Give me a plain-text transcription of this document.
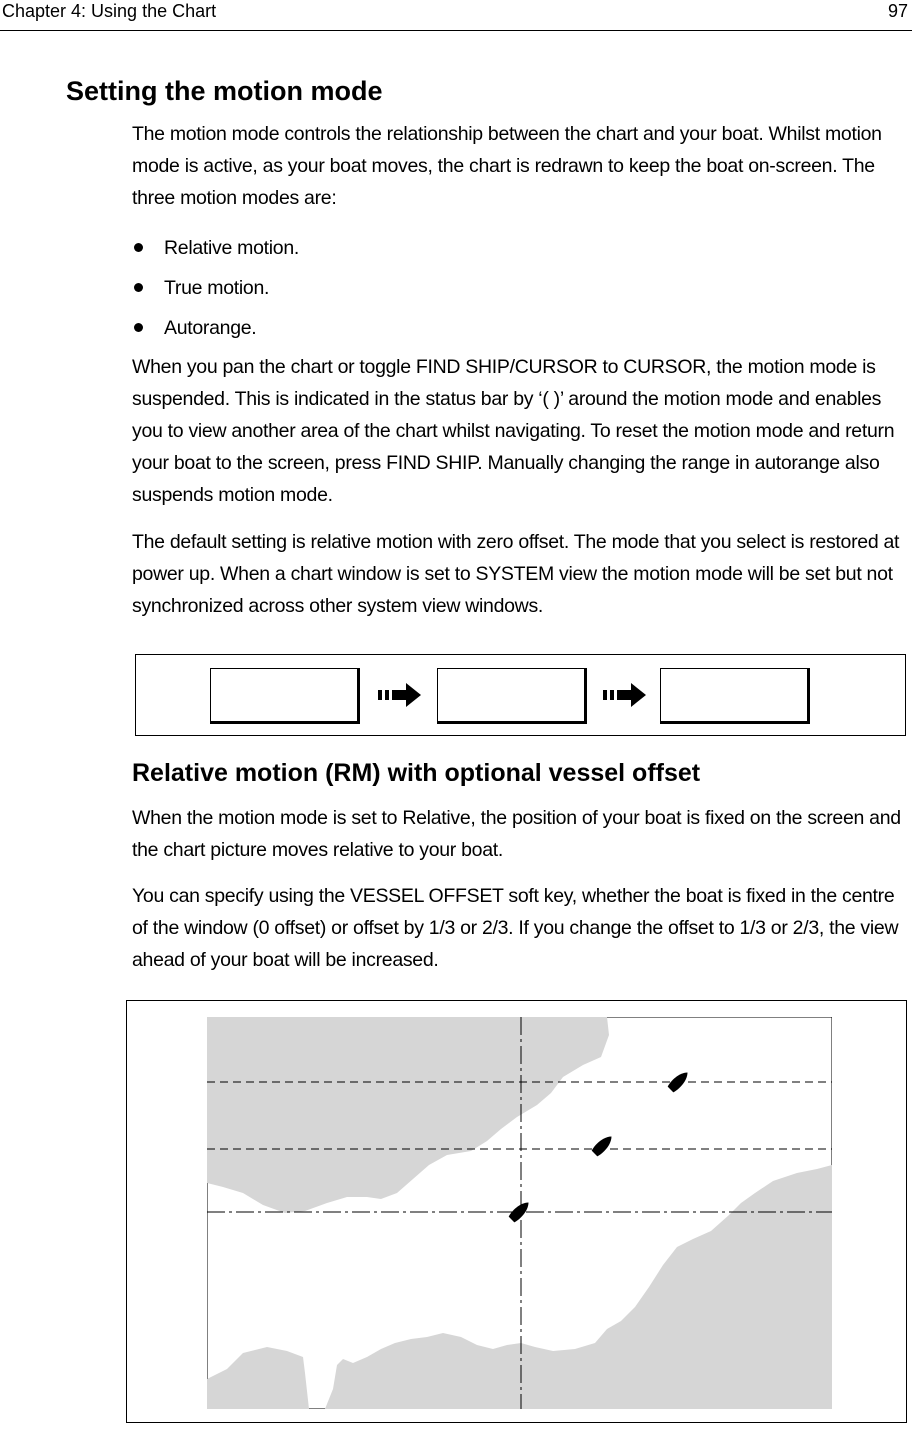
Chapter 4: Using the Chart	97
Setting the motion mode

The motion mode controls the relationship between the chart and your boat. Whilst motion mode is active, as your boat moves, the chart is redrawn to keep the boat on-screen. The three motion modes are:

Relative motion.
True motion.
Autorange.

When you pan the chart or toggle FIND SHIP/CURSOR to CURSOR, the motion mode is suspended. This is indicated in the status bar by ‘( )’ around the motion mode and enables you to view another area of the chart whilst navigating. To reset the motion mode and return your boat to the screen, press FIND SHIP. Manually changing the range in autorange also suspends motion mode.

The default setting is relative motion with zero offset. The mode that you select is restored at power up. When a chart window is set to SYSTEM view the motion mode will be set but not synchronized across other system view windows.

Relative motion (RM) with optional vessel offset

When the motion mode is set to Relative, the position of your boat is fixed on the screen and the chart picture moves relative to your boat.

You can specify using the VESSEL OFFSET soft key, whether the boat is fixed in the centre of the window (0 offset) or offset by 1/3 or 2/3. If you change the offset to 1/3 or 2/3, the view ahead of your boat will be increased.
